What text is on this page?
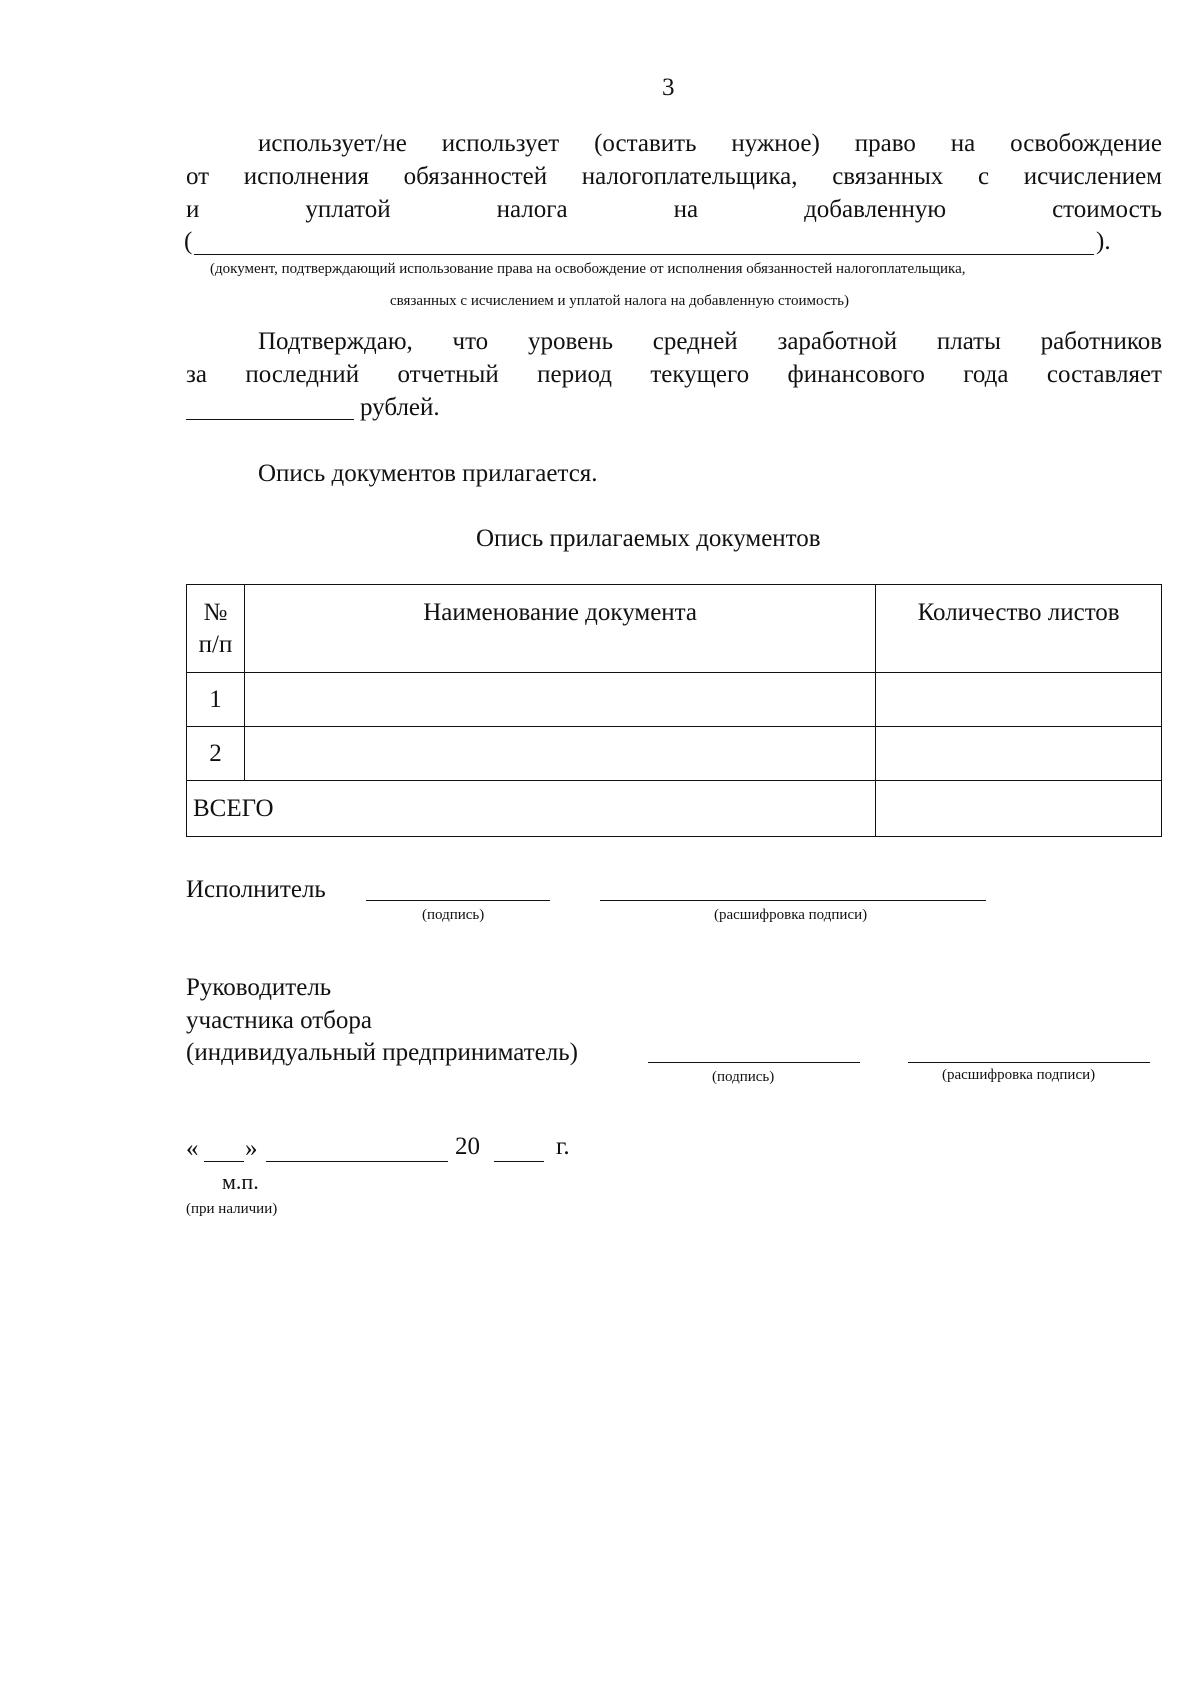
3
использует/не использует (оставить нужное) право на освобождение
от исполнения обязанностей налогоплательщика, связанных с исчислением
и	уплатой	налога	на	добавленную	стоимость
(	).
(документ, подтверждающий использование права на освобождение от исполнения обязанностей налогоплательщика,
связанных с исчислением и уплатой налога на добавленную стоимость)
Подтверждаю, что уровень средней заработной платы работников
за последний отчетный период текущего финансового года составляет
рублей.
Опись документов прилагается.
Опись прилагаемых документов
№ п/п	Наименование документа	Количество листов
1		
2		
ВСЕГО		
Исполнитель
(подпись)	(расшифровка подписи)
Руководитель
участника отбора
(индивидуальный предприниматель)
(подпись)	(расшифровка подписи)
« »	20	г.
м.п.
(при наличии)
